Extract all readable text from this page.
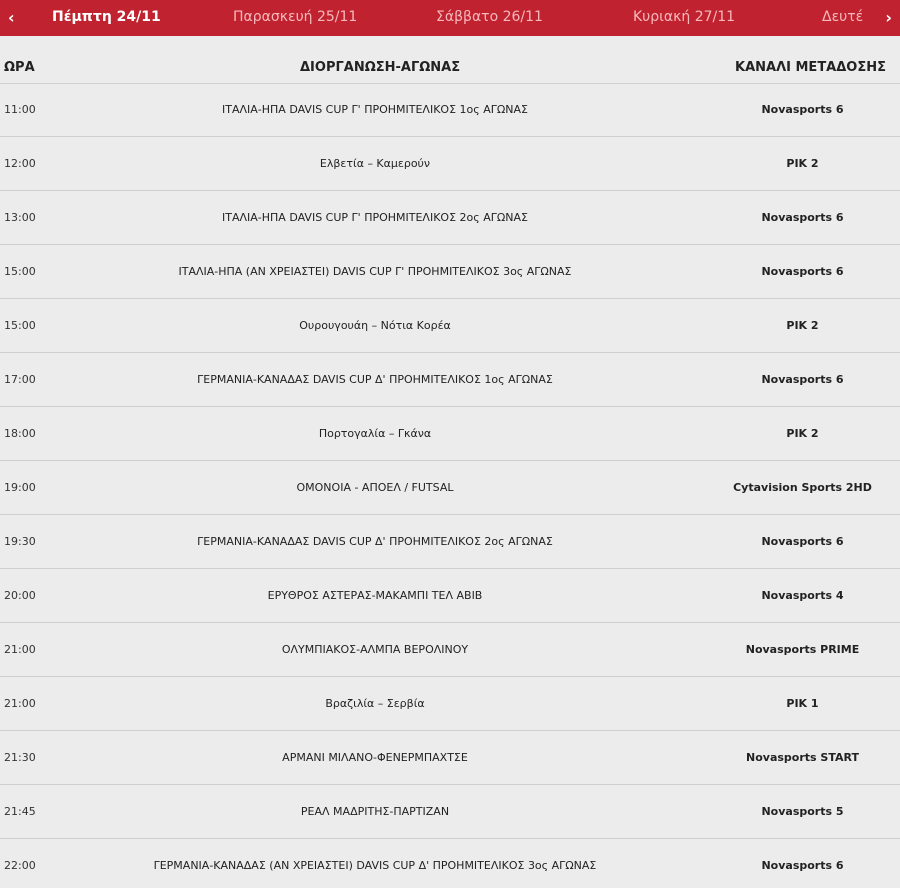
‹	Πέμπτη 24/11	Παρασκευή 25/11	Σάββατο 26/11	Κυριακή 27/11	Δευτέ ›
ΩΡΑ	ΔΙΟΡΓΑΝΩΣΗ-ΑΓΩΝΑΣ	ΚΑΝΑΛΙ ΜΕΤΑΔΟΣΗΣ
11:00	ΙΤΑΛΙΑ-ΗΠΑ DAVIS CUP Γ' ΠΡΟΗΜΙΤΕΛΙΚΟΣ 1ος ΑΓΩΝΑΣ	Novasports 6
12:00	Ελβετία – Καμερούν	ΡΙΚ 2
13:00	ΙΤΑΛΙΑ-ΗΠΑ DAVIS CUP Γ' ΠΡΟΗΜΙΤΕΛΙΚΟΣ 2ος ΑΓΩΝΑΣ	Novasports 6
15:00	ΙΤΑΛΙΑ-ΗΠΑ (ΑΝ ΧΡΕΙΑΣΤΕΙ) DAVIS CUP Γ' ΠΡΟΗΜΙΤΕΛΙΚΟΣ 3ος ΑΓΩΝΑΣ	Novasports 6
15:00	Ουρουγουάη – Νότια Κορέα	ΡΙΚ 2
17:00	ΓΕΡΜΑΝΙΑ-ΚΑΝΑΔΑΣ DAVIS CUP Δ' ΠΡΟΗΜΙΤΕΛΙΚΟΣ 1ος ΑΓΩΝΑΣ	Novasports 6
18:00	Πορτογαλία – Γκάνα	ΡΙΚ 2
19:00	ΟΜΟΝΟΙΑ - ΑΠΟΕΛ / FUTSAL	Cytavision Sports 2HD
19:30	ΓΕΡΜΑΝΙΑ-ΚΑΝΑΔΑΣ DAVIS CUP Δ' ΠΡΟΗΜΙΤΕΛΙΚΟΣ 2ος ΑΓΩΝΑΣ	Novasports 6
20:00	ΕΡΥΘΡΟΣ ΑΣΤΕΡΑΣ-ΜΑΚΑΜΠΙ ΤΕΛ ΑΒΙΒ	Novasports 4
21:00	ΟΛΥΜΠΙΑΚΟΣ-ΑΛΜΠΑ ΒΕΡΟΛΙΝΟΥ	Novasports PRIME
21:00	Βραζιλία – Σερβία	ΡΙΚ 1
21:30	ΑΡΜΑΝΙ ΜΙΛΑΝΟ-ΦΕΝΕΡΜΠΑΧΤΣΕ	Novasports START
21:45	ΡΕΑΛ ΜΑΔΡΙΤΗΣ-ΠΑΡΤΙΖΑΝ	Novasports 5
22:00	ΓΕΡΜΑΝΙΑ-ΚΑΝΑΔΑΣ (ΑΝ ΧΡΕΙΑΣΤΕΙ) DAVIS CUP Δ' ΠΡΟΗΜΙΤΕΛΙΚΟΣ 3ος ΑΓΩΝΑΣ	Novasports 6
